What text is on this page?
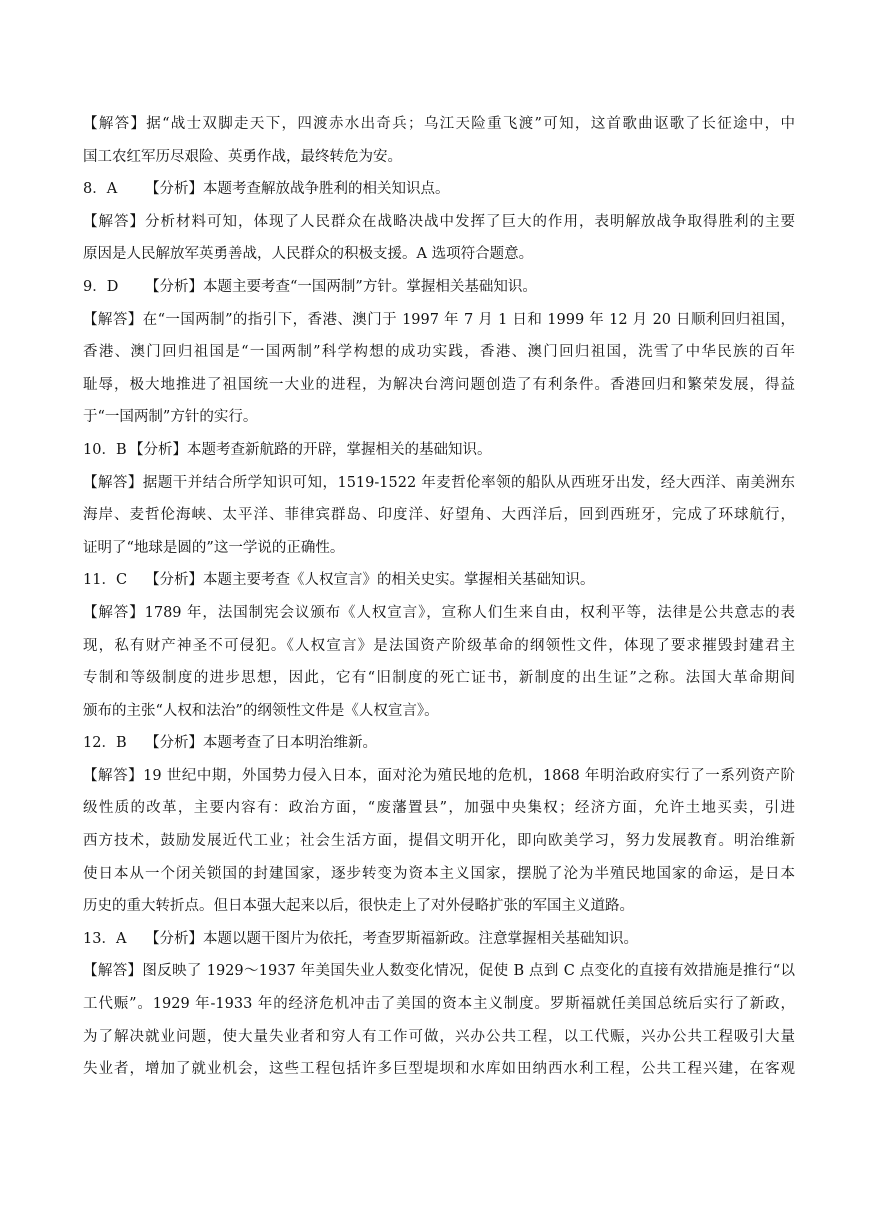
【解答】据“战士双脚走天下，四渡赤水出奇兵；乌江天险重飞渡”可知，这首歌曲讴歌了长征途中，中
国工农红军历尽艰险、英勇作战，最终转危为安。
8．A 【分析】本题考查解放战争胜利的相关知识点。
【解答】分析材料可知，体现了人民群众在战略决战中发挥了巨大的作用，表明解放战争取得胜利的主要
原因是人民解放军英勇善战，人民群众的积极支援。A 选项符合题意。
9．D 【分析】本题主要考查“一国两制”方针。掌握相关基础知识。
【解答】在“一国两制”的指引下，香港、澳门于 1997 年 7 月 1 日和 1999 年 12 月 20 日顺利回归祖国，
香港、澳门回归祖国是“一国两制”科学构想的成功实践，香港、澳门回归祖国，洗雪了中华民族的百年
耻辱，极大地推进了祖国统一大业的进程，为解决台湾问题创造了有利条件。香港回归和繁荣发展，得益
于“一国两制”方针的实行。
10．B 【分析】本题考查新航路的开辟，掌握相关的基础知识。
【解答】据题干并结合所学知识可知，1519-1522 年麦哲伦率领的船队从西班牙出发，经大西洋、南美洲东
海岸、麦哲伦海峡、太平洋、菲律宾群岛、印度洋、好望角、大西洋后，回到西班牙，完成了环球航行，
证明了“地球是圆的”这一学说的正确性。
11．C 【分析】本题主要考查《人权宣言》的相关史实。掌握相关基础知识。
【解答】1789 年，法国制宪会议颁布《人权宣言》，宣称人们生来自由，权利平等，法律是公共意志的表
现，私有财产神圣不可侵犯。《人权宣言》是法国资产阶级革命的纲领性文件，体现了要求摧毁封建君主
专制和等级制度的进步思想，因此，它有“旧制度的死亡证书，新制度的出生证”之称。法国大革命期间
颁布的主张“人权和法治”的纲领性文件是《人权宣言》。
12．B 【分析】本题考查了日本明治维新。
【解答】19 世纪中期，外国势力侵入日本，面对沦为殖民地的危机，1868 年明治政府实行了一系列资产阶
级性质的改革，主要内容有：政治方面，“废藩置县”，加强中央集权；经济方面，允许土地买卖，引进
西方技术，鼓励发展近代工业；社会生活方面，提倡文明开化，即向欧美学习，努力发展教育。明治维新
使日本从一个闭关锁国的封建国家，逐步转变为资本主义国家，摆脱了沦为半殖民地国家的命运，是日本
历史的重大转折点。但日本强大起来以后，很快走上了对外侵略扩张的军国主义道路。
13．A 【分析】本题以题干图片为依托，考查罗斯福新政。注意掌握相关基础知识。
【解答】图反映了 1929～1937 年美国失业人数变化情况，促使 B 点到 C 点变化的直接有效措施是推行“以
工代赈”。1929 年-1933 年的经济危机冲击了美国的资本主义制度。罗斯福就任美国总统后实行了新政，
为了解决就业问题，使大量失业者和穷人有工作可做，兴办公共工程，以工代赈，兴办公共工程吸引大量
失业者，增加了就业机会，这些工程包括许多巨型堤坝和水库如田纳西水利工程，公共工程兴建，在客观
